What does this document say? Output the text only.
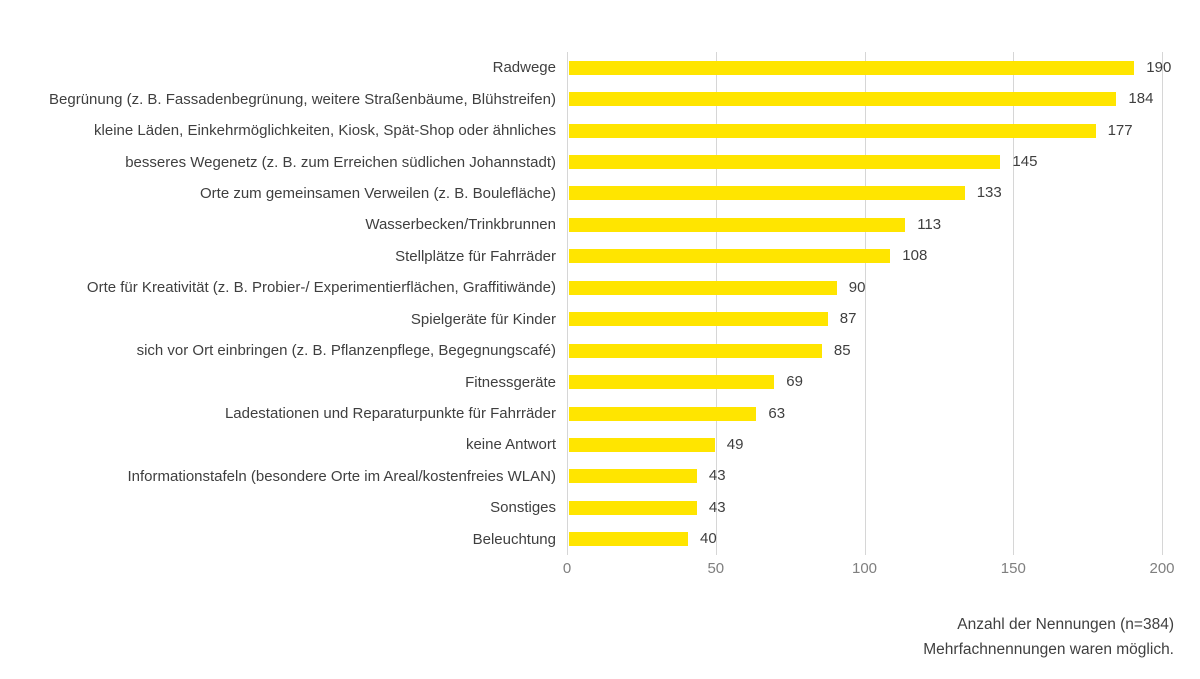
Radwege	190
Begrünung (z. B. Fassadenbegrünung, weitere Straßenbäume, Blühstreifen)	184
kleine Läden, Einkehrmöglichkeiten, Kiosk, Spät-Shop oder ähnliches	177
besseres Wegenetz (z. B. zum Erreichen südlichen Johannstadt)	145
Orte zum gemeinsamen Verweilen (z. B. Boulefläche)	133
Wasserbecken/Trinkbrunnen	113
Stellplätze für Fahrräder	108
Orte für Kreativität (z. B. Probier-/ Experimentierflächen, Graffitiwände)	90
Spielgeräte für Kinder	87
sich vor Ort einbringen (z. B. Pflanzenpflege, Begegnungscafé)	85
Fitnessgeräte	69
Ladestationen und Reparaturpunkte für Fahrräder	63
keine Antwort	49
Informationstafeln (besondere Orte im Areal/kostenfreies WLAN)	43
Sonstiges	43
Beleuchtung	40
0	50	100	150	200
Anzahl der Nennungen (n=384)
Mehrfachnennungen waren möglich.
